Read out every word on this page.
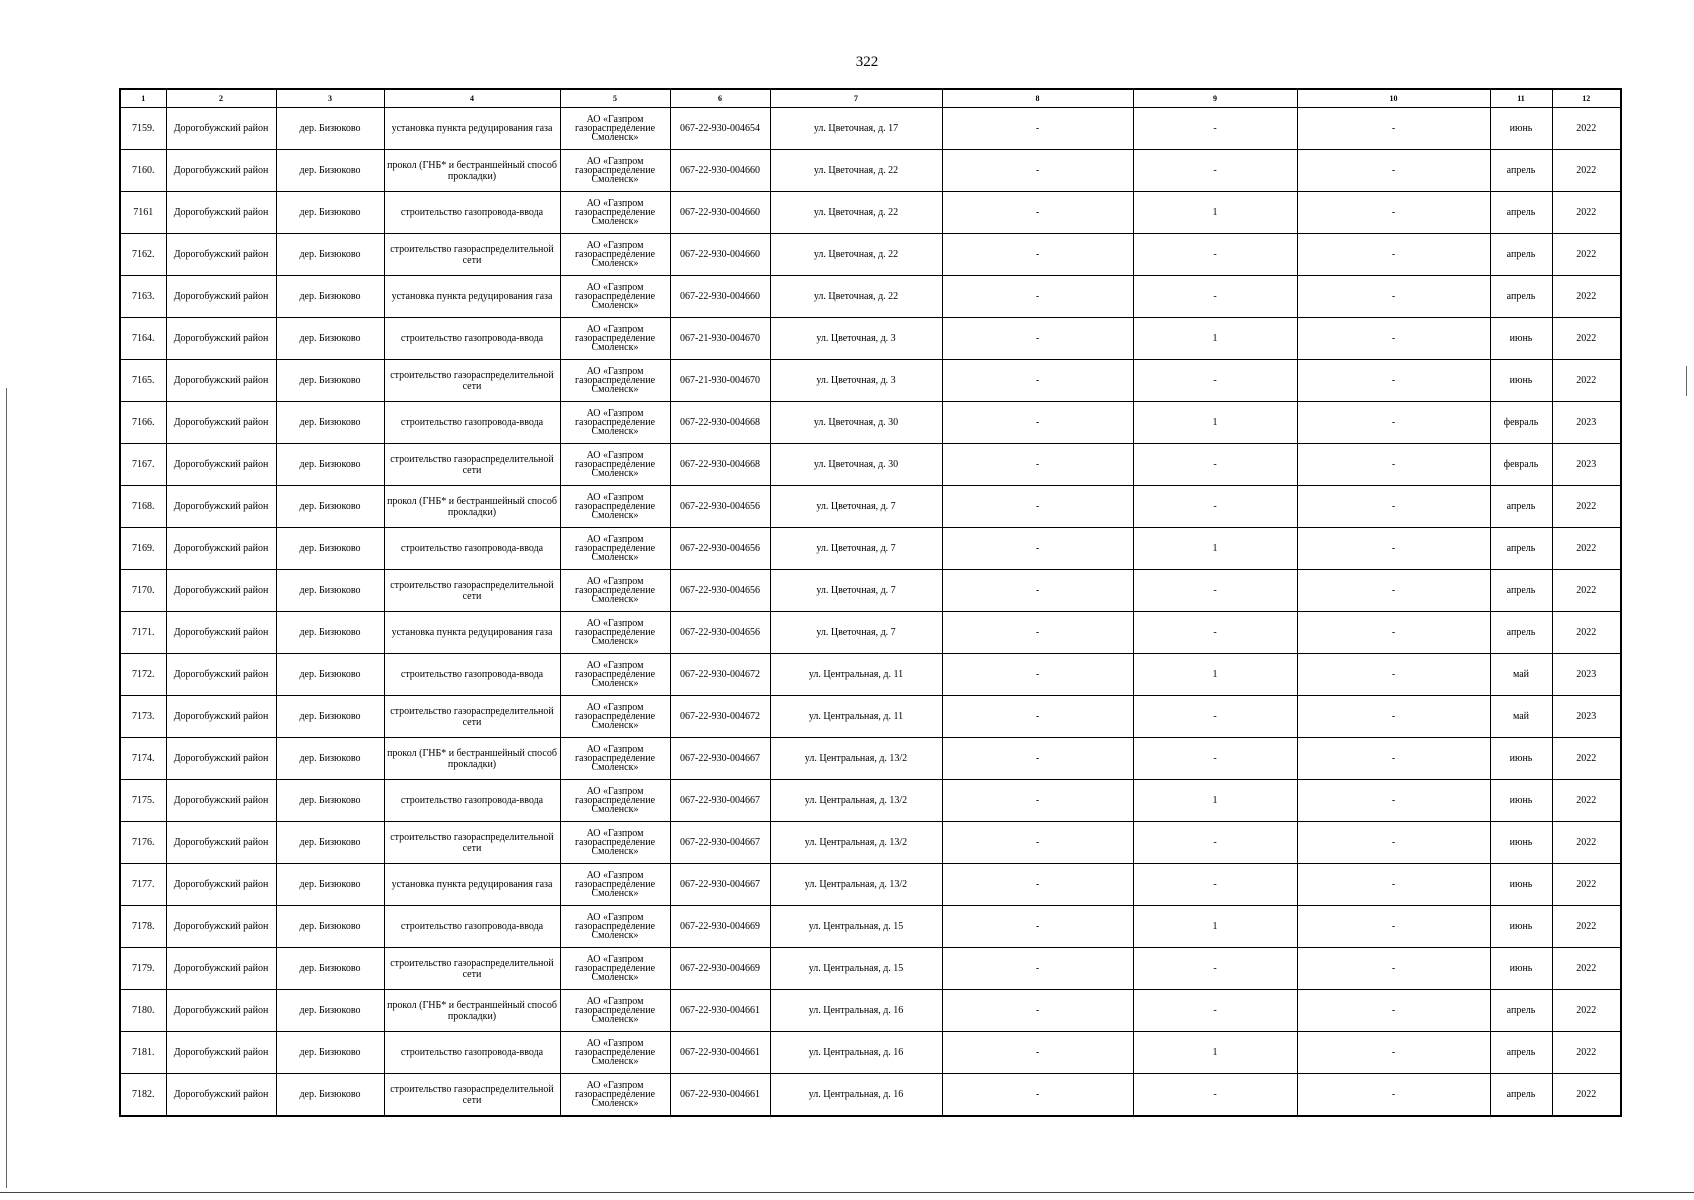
322
1	2	3	4	5	6	7	8	9	10	11	12
7159.	Дорогобужский район	дер. Бизюково	установка пункта редуцирования газа	АО «Газпром газораспределение Смоленск»	067-22-930-004654	ул. Цветочная, д. 17	-	-	-	июнь	2022
7160.	Дорогобужский район	дер. Бизюково	прокол (ГНБ* и бестраншейный способ прокладки)	АО «Газпром газораспределение Смоленск»	067-22-930-004660	ул. Цветочная, д. 22	-	-	-	апрель	2022
7161	Дорогобужский район	дер. Бизюково	строительство газопровода-ввода	АО «Газпром газораспределение Смоленск»	067-22-930-004660	ул. Цветочная, д. 22	-	1	-	апрель	2022
7162.	Дорогобужский район	дер. Бизюково	строительство газораспределительной сети	АО «Газпром газораспределение Смоленск»	067-22-930-004660	ул. Цветочная, д. 22	-	-	-	апрель	2022
7163.	Дорогобужский район	дер. Бизюково	установка пункта редуцирования газа	АО «Газпром газораспределение Смоленск»	067-22-930-004660	ул. Цветочная, д. 22	-	-	-	апрель	2022
7164.	Дорогобужский район	дер. Бизюково	строительство газопровода-ввода	АО «Газпром газораспределение Смоленск»	067-21-930-004670	ул. Цветочная, д. 3	-	1	-	июнь	2022
7165.	Дорогобужский район	дер. Бизюково	строительство газораспределительной сети	АО «Газпром газораспределение Смоленск»	067-21-930-004670	ул. Цветочная, д. 3	-	-	-	июнь	2022
7166.	Дорогобужский район	дер. Бизюково	строительство газопровода-ввода	АО «Газпром газораспределение Смоленск»	067-22-930-004668	ул. Цветочная, д. 30	-	1	-	февраль	2023
7167.	Дорогобужский район	дер. Бизюково	строительство газораспределительной сети	АО «Газпром газораспределение Смоленск»	067-22-930-004668	ул. Цветочная, д. 30	-	-	-	февраль	2023
7168.	Дорогобужский район	дер. Бизюково	прокол (ГНБ* и бестраншейный способ прокладки)	АО «Газпром газораспределение Смоленск»	067-22-930-004656	ул. Цветочная, д. 7	-	-	-	апрель	2022
7169.	Дорогобужский район	дер. Бизюково	строительство газопровода-ввода	АО «Газпром газораспределение Смоленск»	067-22-930-004656	ул. Цветочная, д. 7	-	1	-	апрель	2022
7170.	Дорогобужский район	дер. Бизюково	строительство газораспределительной сети	АО «Газпром газораспределение Смоленск»	067-22-930-004656	ул. Цветочная, д. 7	-	-	-	апрель	2022
7171.	Дорогобужский район	дер. Бизюково	установка пункта редуцирования газа	АО «Газпром газораспределение Смоленск»	067-22-930-004656	ул. Цветочная, д. 7	-	-	-	апрель	2022
7172.	Дорогобужский район	дер. Бизюково	строительство газопровода-ввода	АО «Газпром газораспределение Смоленск»	067-22-930-004672	ул. Центральная, д. 11	-	1	-	май	2023
7173.	Дорогобужский район	дер. Бизюково	строительство газораспределительной сети	АО «Газпром газораспределение Смоленск»	067-22-930-004672	ул. Центральная, д. 11	-	-	-	май	2023
7174.	Дорогобужский район	дер. Бизюково	прокол (ГНБ* и бестраншейный способ прокладки)	АО «Газпром газораспределение Смоленск»	067-22-930-004667	ул. Центральная, д. 13/2	-	-	-	июнь	2022
7175.	Дорогобужский район	дер. Бизюково	строительство газопровода-ввода	АО «Газпром газораспределение Смоленск»	067-22-930-004667	ул. Центральная, д. 13/2	-	1	-	июнь	2022
7176.	Дорогобужский район	дер. Бизюково	строительство газораспределительной сети	АО «Газпром газораспределение Смоленск»	067-22-930-004667	ул. Центральная, д. 13/2	-	-	-	июнь	2022
7177.	Дорогобужский район	дер. Бизюково	установка пункта редуцирования газа	АО «Газпром газораспределение Смоленск»	067-22-930-004667	ул. Центральная, д. 13/2	-	-	-	июнь	2022
7178.	Дорогобужский район	дер. Бизюково	строительство газопровода-ввода	АО «Газпром газораспределение Смоленск»	067-22-930-004669	ул. Центральная, д. 15	-	1	-	июнь	2022
7179.	Дорогобужский район	дер. Бизюково	строительство газораспределительной сети	АО «Газпром газораспределение Смоленск»	067-22-930-004669	ул. Центральная, д. 15	-	-	-	июнь	2022
7180.	Дорогобужский район	дер. Бизюково	прокол (ГНБ* и бестраншейный способ прокладки)	АО «Газпром газораспределение Смоленск»	067-22-930-004661	ул. Центральная, д. 16	-	-	-	апрель	2022
7181.	Дорогобужский район	дер. Бизюково	строительство газопровода-ввода	АО «Газпром газораспределение Смоленск»	067-22-930-004661	ул. Центральная, д. 16	-	1	-	апрель	2022
7182.	Дорогобужский район	дер. Бизюково	строительство газораспределительной сети	АО «Газпром газораспределение Смоленск»	067-22-930-004661	ул. Центральная, д. 16	-	-	-	апрель	2022
